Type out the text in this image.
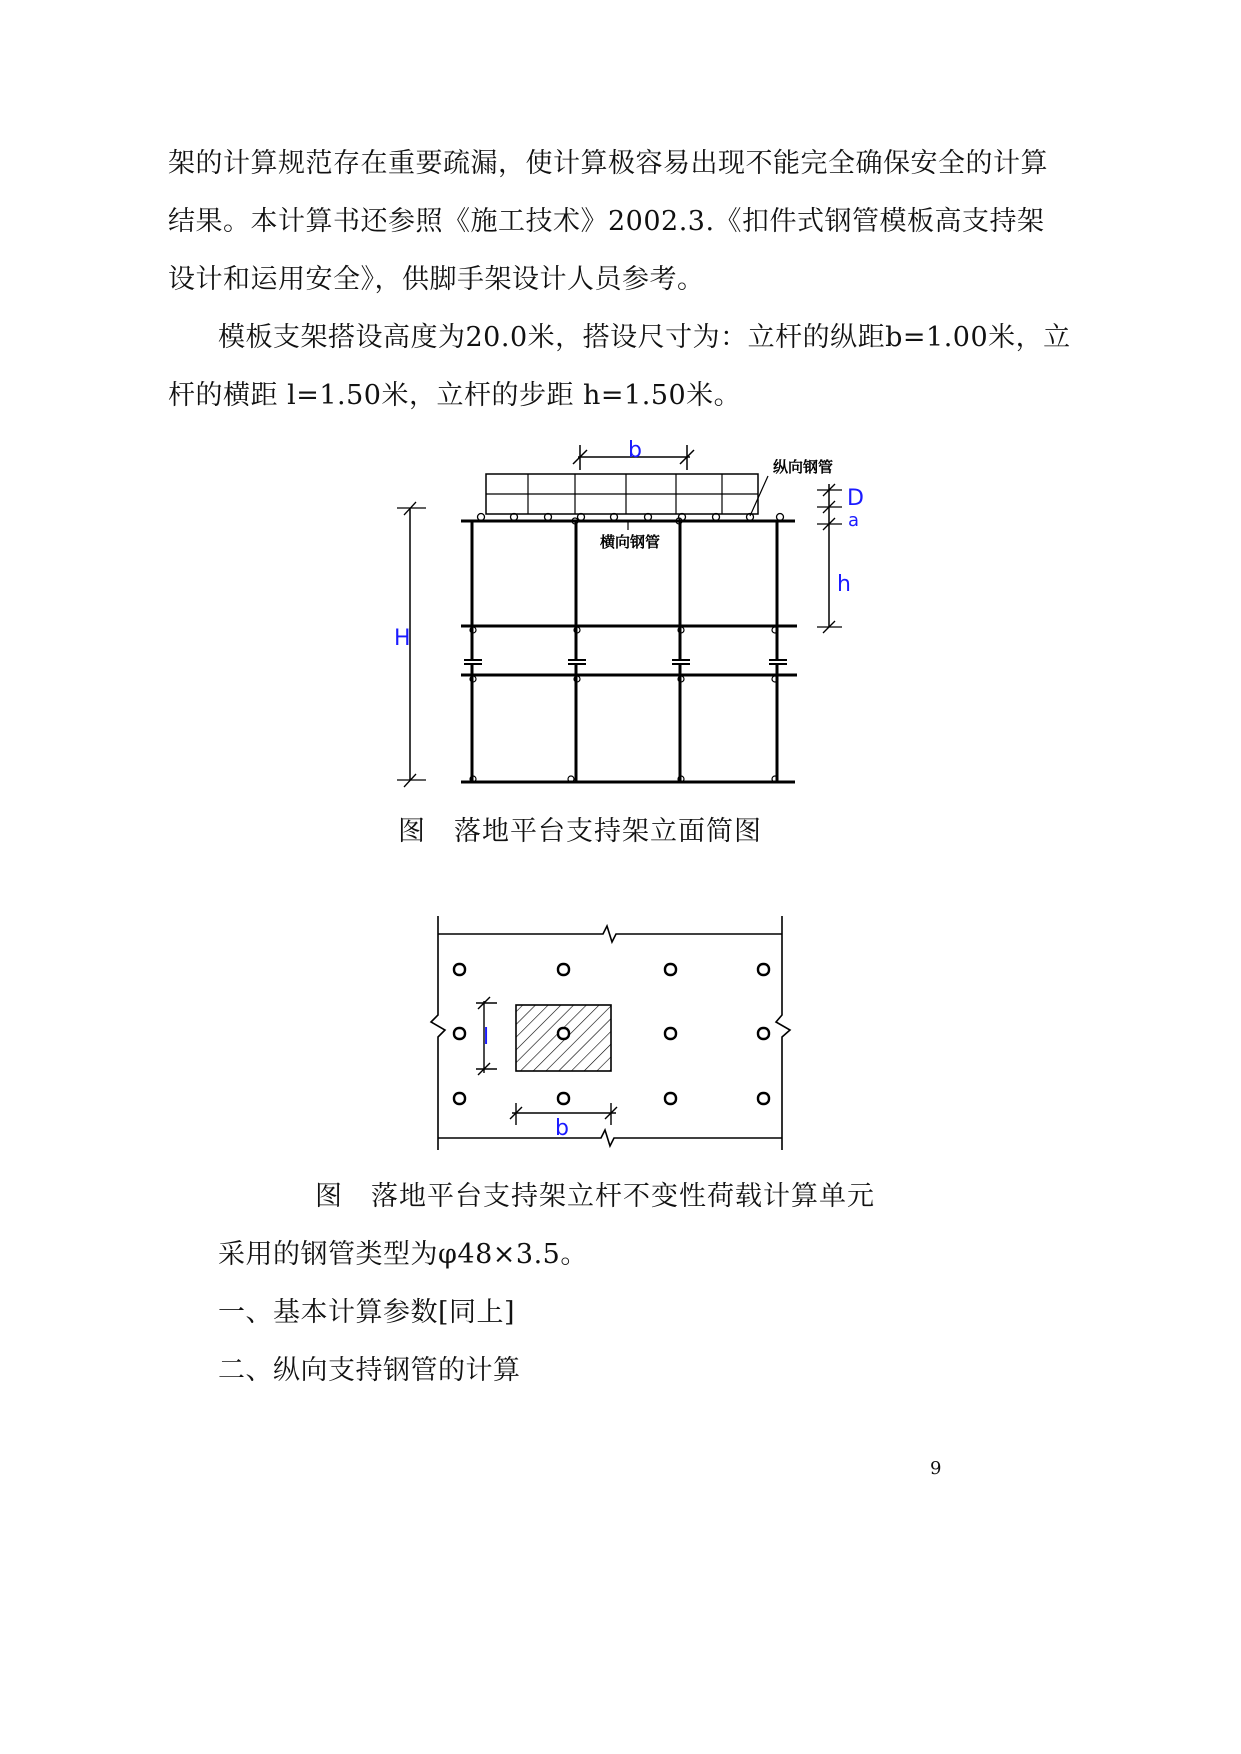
架的计算规范存在重要疏漏，使计算极容易出现不能完全确保安全的计算
结果。本计算书还参照《施工技术》2002.3.《扣件式钢管模板高支持架
设计和运用安全》，供脚手架设计人员参考。
模板支架搭设高度为20.0米，搭设尺寸为：立杆的纵距b=1.00米，立
杆的横距 l=1.50米，立杆的步距 h=1.50米。
b
D
a
h
H
纵向钢管
横向钢管
图　落地平台支持架立面简图
l
b
图　落地平台支持架立杆不变性荷载计算单元
采用的钢管类型为φ48×3.5。
一、基本计算参数[同上]
二、纵向支持钢管的计算
9
